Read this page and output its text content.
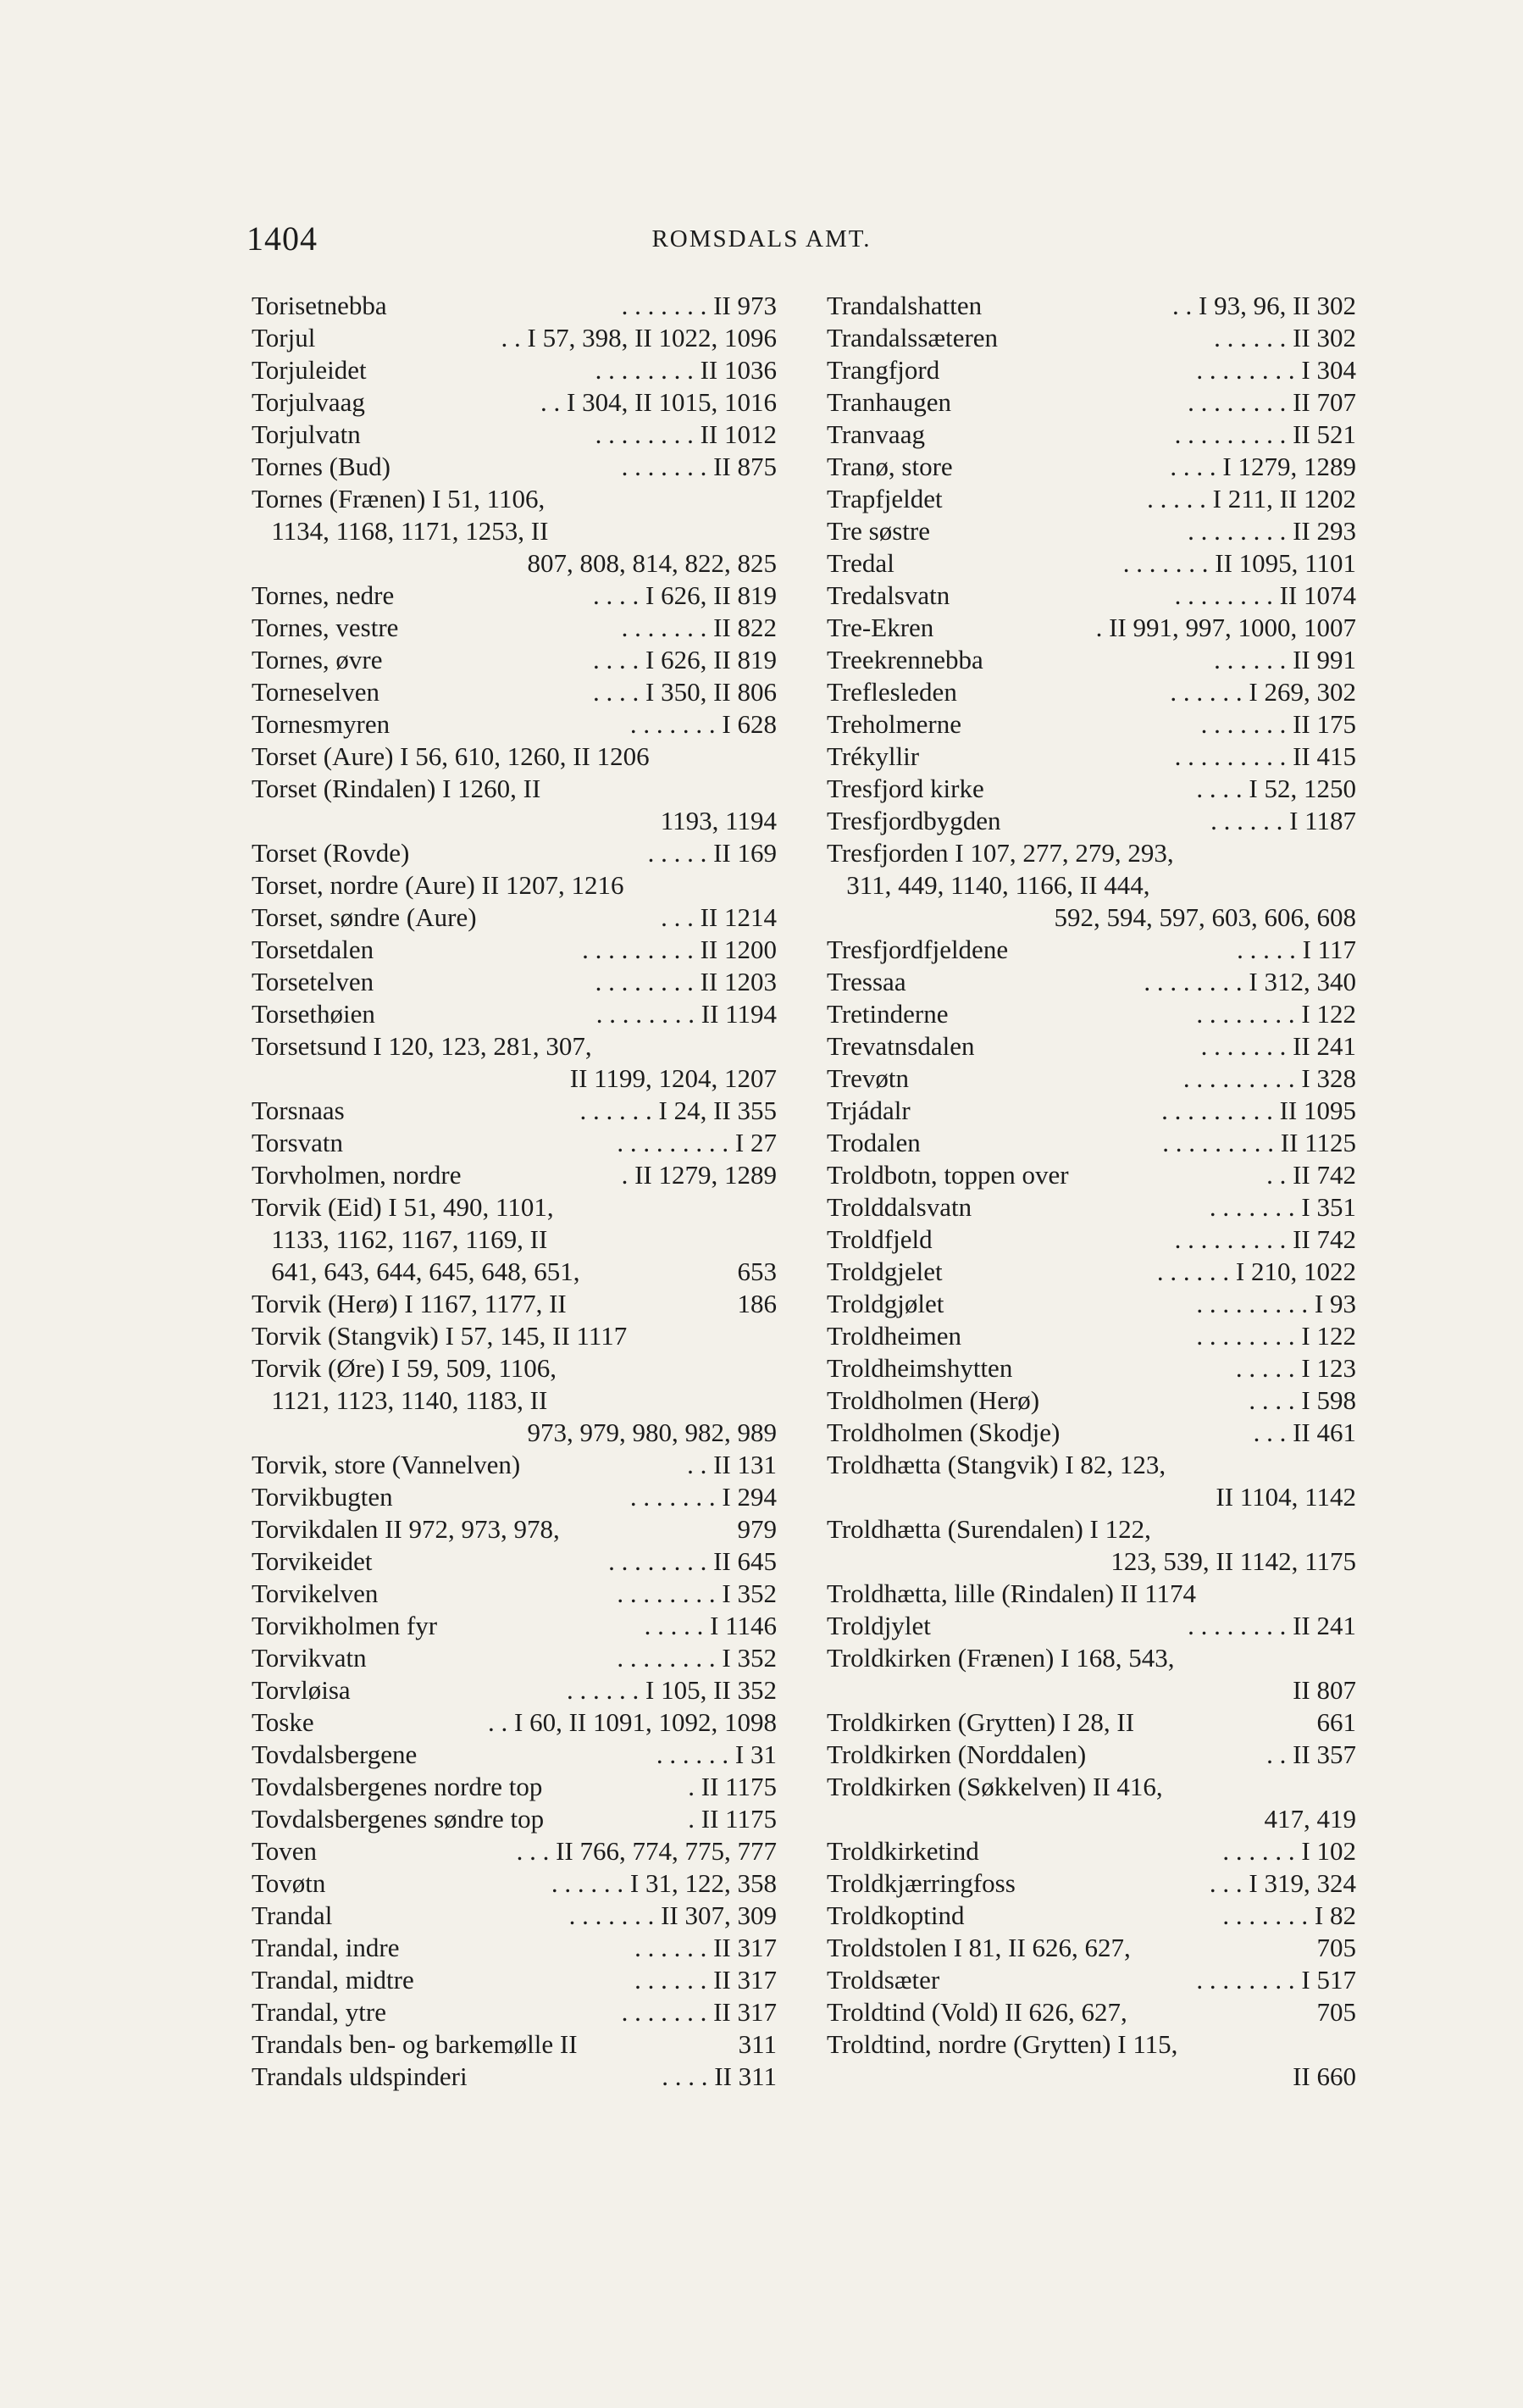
1404	ROMSDALS AMT.
Torisetnebba	. . . . . . . II 973
Torjul	. . I 57, 398, II 1022, 1096
Torjuleidet	. . . . . . . . II 1036
Torjulvaag	. . I 304, II 1015, 1016
Torjulvatn	. . . . . . . . II 1012
Tornes (Bud)	. . . . . . . II 875
Tornes (Frænen) I 51, 1106,
1134, 1168, 1171, 1253, II
807, 808, 814, 822, 825
Tornes, nedre	. . . . I 626, II 819
Tornes, vestre	. . . . . . . II 822
Tornes, øvre	. . . . I 626, II 819
Torneselven	. . . . I 350, II 806
Tornesmyren	. . . . . . . I 628
Torset (Aure) I 56, 610, 1260, II 1206
Torset (Rindalen) I 1260, II
1193, 1194
Torset (Rovde)	. . . . . II 169
Torset, nordre (Aure) II 1207, 1216
Torset, søndre (Aure)	. . . II 1214
Torsetdalen	. . . . . . . . . II 1200
Torsetelven	. . . . . . . . II 1203
Torsethøien	. . . . . . . . II 1194
Torsetsund I 120, 123, 281, 307,
II 1199, 1204, 1207
Torsnaas	. . . . . . I 24, II 355
Torsvatn	. . . . . . . . . I 27
Torvholmen, nordre	. II 1279, 1289
Torvik (Eid) I 51, 490, 1101,
1133, 1162, 1167, 1169, II
641, 643, 644, 645, 648, 651,	653
Torvik (Herø) I 1167, 1177, II	186
Torvik (Stangvik) I 57, 145, II 1117
Torvik (Øre) I 59, 509, 1106,
1121, 1123, 1140, 1183, II
973, 979, 980, 982, 989
Torvik, store (Vannelven)	. . II 131
Torvikbugten	. . . . . . . I 294
Torvikdalen II 972, 973, 978,	979
Torvikeidet	. . . . . . . . II 645
Torvikelven	. . . . . . . . I 352
Torvikholmen fyr	. . . . . I 1146
Torvikvatn	. . . . . . . . I 352
Torvløisa	. . . . . . I 105, II 352
Toske	. . I 60, II 1091, 1092, 1098
Tovdalsbergene	. . . . . . I 31
Tovdalsbergenes nordre top	. II 1175
Tovdalsbergenes søndre top	. II 1175
Toven	. . . II 766, 774, 775, 777
Tovøtn	. . . . . . I 31, 122, 358
Trandal	. . . . . . . II 307, 309
Trandal, indre	. . . . . . II 317
Trandal, midtre	. . . . . . II 317
Trandal, ytre	. . . . . . . II 317
Trandals ben- og barkemølle II	311
Trandals uldspinderi	. . . . II 311
Trandalshatten	. . I 93, 96, II 302
Trandalssæteren	. . . . . . II 302
Trangfjord	. . . . . . . . I 304
Tranhaugen	. . . . . . . . II 707
Tranvaag	. . . . . . . . . II 521
Tranø, store	. . . . I 1279, 1289
Trapfjeldet	. . . . . I 211, II 1202
Tre søstre	. . . . . . . . II 293
Tredal	. . . . . . . II 1095, 1101
Tredalsvatn	. . . . . . . . II 1074
Tre-Ekren	. II 991, 997, 1000, 1007
Treekrennebba	. . . . . . II 991
Treflesleden	. . . . . . I 269, 302
Treholmerne	. . . . . . . II 175
Trékyllir	. . . . . . . . . II 415
Tresfjord kirke	. . . . I 52, 1250
Tresfjordbygden	. . . . . . I 1187
Tresfjorden I 107, 277, 279, 293,
311, 449, 1140, 1166, II 444,
592, 594, 597, 603, 606, 608
Tresfjordfjeldene	. . . . . I 117
Tressaa	. . . . . . . . I 312, 340
Tretinderne	. . . . . . . . I 122
Trevatnsdalen	. . . . . . . II 241
Trevøtn	. . . . . . . . . I 328
Trjádalr	. . . . . . . . . II 1095
Trodalen	. . . . . . . . . II 1125
Troldbotn, toppen over	. . II 742
Trolddalsvatn	. . . . . . . I 351
Troldfjeld	. . . . . . . . . II 742
Troldgjelet	. . . . . . I 210, 1022
Troldgjølet	. . . . . . . . . I 93
Troldheimen	. . . . . . . . I 122
Troldheimshytten	. . . . . I 123
Troldholmen (Herø)	. . . . I 598
Troldholmen (Skodje)	. . . II 461
Troldhætta (Stangvik) I 82, 123,
II 1104, 1142
Troldhætta (Surendalen) I 122,
123, 539, II 1142, 1175
Troldhætta, lille (Rindalen) II 1174
Troldjylet	. . . . . . . . II 241
Troldkirken (Frænen) I 168, 543,
II 807
Troldkirken (Grytten) I 28, II	661
Troldkirken (Norddalen)	. . II 357
Troldkirken (Søkkelven) II 416,
417, 419
Troldkirketind	. . . . . . I 102
Troldkjærringfoss	. . . I 319, 324
Troldkoptind	. . . . . . . I 82
Troldstolen I 81, II 626, 627,	705
Troldsæter	. . . . . . . . I 517
Troldtind (Vold) II 626, 627,	705
Troldtind, nordre (Grytten) I 115,
II 660
